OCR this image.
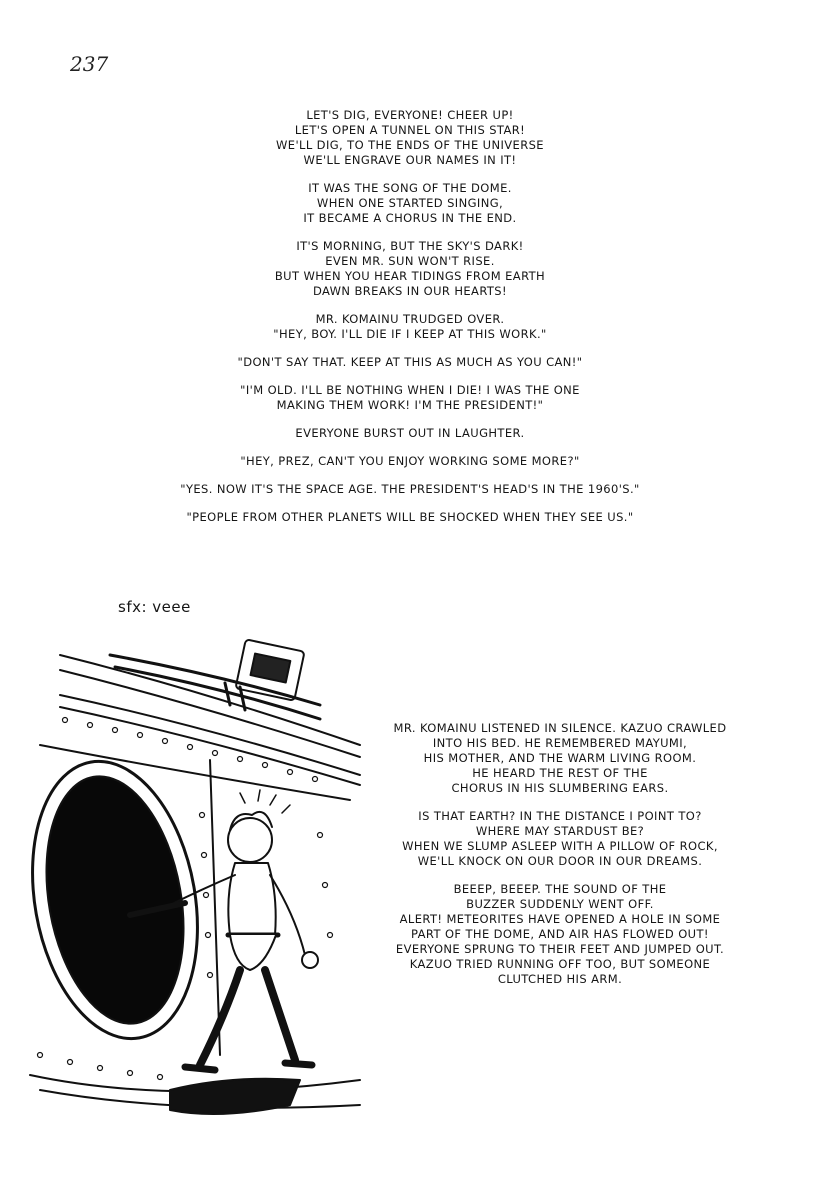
237

LET'S DIG, EVERYONE! CHEER UP!
LET'S OPEN A TUNNEL ON THIS STAR!
WE'LL DIG, TO THE ENDS OF THE UNIVERSE
WE'LL ENGRAVE OUR NAMES IN IT!

IT WAS THE SONG OF THE DOME.
WHEN ONE STARTED SINGING,
IT BECAME A CHORUS IN THE END.

IT'S MORNING, BUT THE SKY'S DARK!
EVEN MR. SUN WON'T RISE.
BUT WHEN YOU HEAR TIDINGS FROM EARTH
DAWN BREAKS IN OUR HEARTS!

MR. KOMAINU TRUDGED OVER.
"HEY, BOY. I'LL DIE IF I KEEP AT THIS WORK."

"DON'T SAY THAT. KEEP AT THIS AS MUCH AS YOU CAN!"

"I'M OLD. I'LL BE NOTHING WHEN I DIE! I WAS THE ONE
MAKING THEM WORK! I'M THE PRESIDENT!"

EVERYONE BURST OUT IN LAUGHTER.

"HEY, PREZ, CAN'T YOU ENJOY WORKING SOME MORE?"

"YES. NOW IT'S THE SPACE AGE. THE PRESIDENT'S HEAD'S IN THE 1960'S."

"PEOPLE FROM OTHER PLANETS WILL BE SHOCKED WHEN THEY SEE US."

sfx: veee

MR. KOMAINU LISTENED IN SILENCE. KAZUO CRAWLED
INTO HIS BED. HE REMEMBERED MAYUMI,
HIS MOTHER, AND THE WARM LIVING ROOM.
HE HEARD THE REST OF THE
CHORUS IN HIS SLUMBERING EARS.

IS THAT EARTH? IN THE DISTANCE I POINT TO?
WHERE MAY STARDUST BE?
WHEN WE SLUMP ASLEEP WITH A PILLOW OF ROCK,
WE'LL KNOCK ON OUR DOOR IN OUR DREAMS.

BEEEP, BEEEP. THE SOUND OF THE
BUZZER SUDDENLY WENT OFF.
ALERT! METEORITES HAVE OPENED A HOLE IN SOME
PART OF THE DOME, AND AIR HAS FLOWED OUT!
EVERYONE SPRUNG TO THEIR FEET AND JUMPED OUT.
KAZUO TRIED RUNNING OFF TOO, BUT SOMEONE
CLUTCHED HIS ARM.
